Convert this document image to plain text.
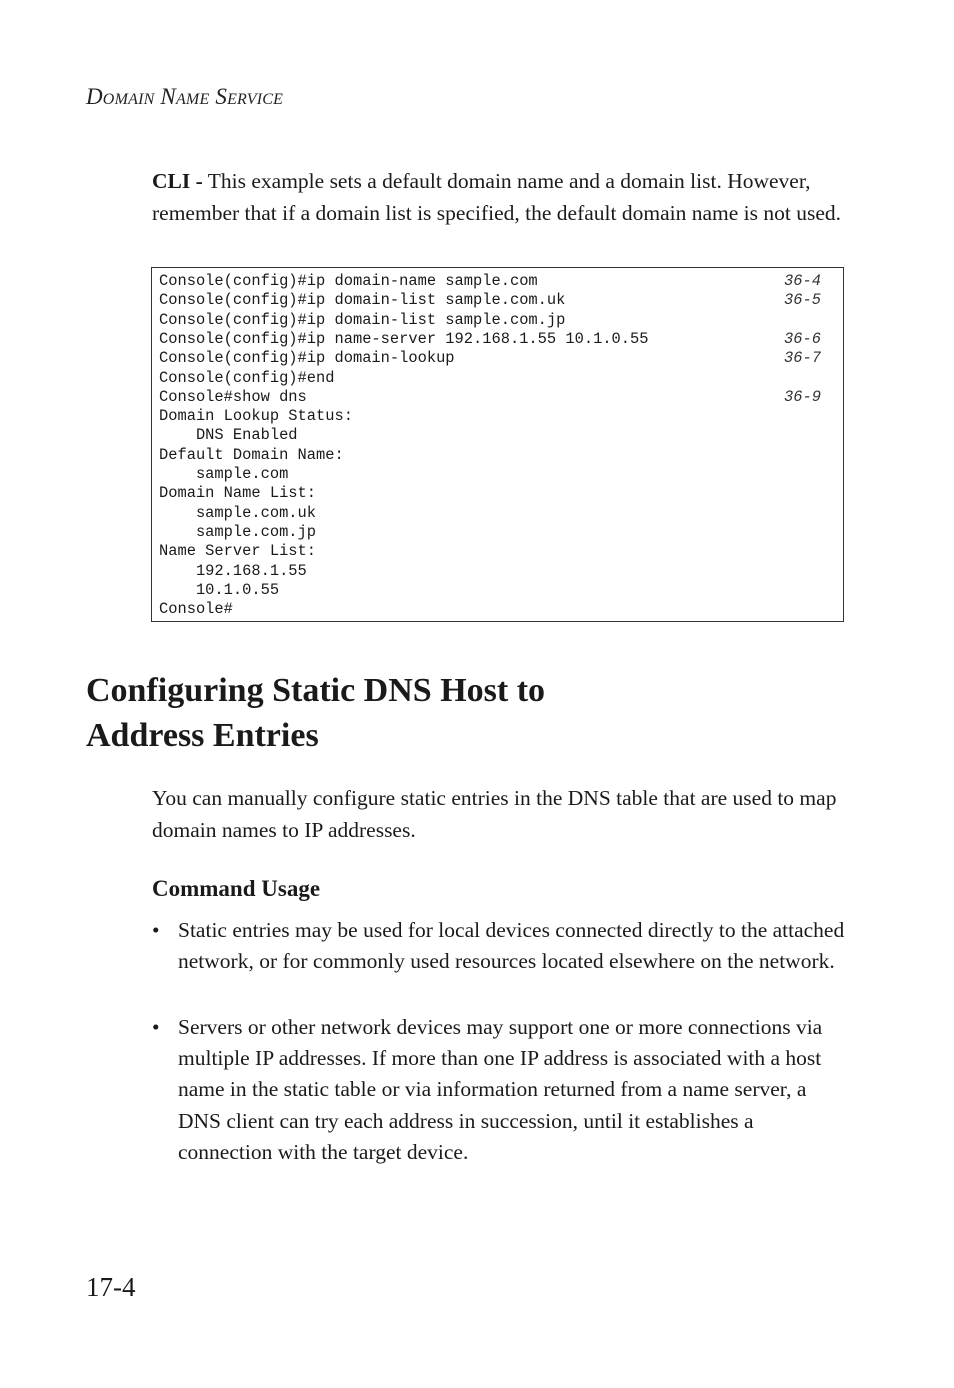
Domain Name Service
CLI - This example sets a default domain name and a domain list. However, remember that if a domain list is specified, the default domain name is not used.
Console(config)#ip domain-name sample.com	36-4
Console(config)#ip domain-list sample.com.uk	36-5
Console(config)#ip domain-list sample.com.jp
Console(config)#ip name-server 192.168.1.55 10.1.0.55	36-6
Console(config)#ip domain-lookup	36-7
Console(config)#end
Console#show dns	36-9
Domain Lookup Status:
DNS Enabled
Default Domain Name:
sample.com
Domain Name List:
sample.com.uk
sample.com.jp
Name Server List:
192.168.1.55
10.1.0.55
Console#
Configuring Static DNS Host to
Address Entries

You can manually configure static entries in the DNS table that are used to map domain names to IP addresses.

Command Usage
• Static entries may be used for local devices connected directly to the attached network, or for commonly used resources located elsewhere on the network.
• Servers or other network devices may support one or more connections via multiple IP addresses. If more than one IP address is associated with a host name in the static table or via information returned from a name server, a DNS client can try each address in succession, until it establishes a connection with the target device.
17-4
